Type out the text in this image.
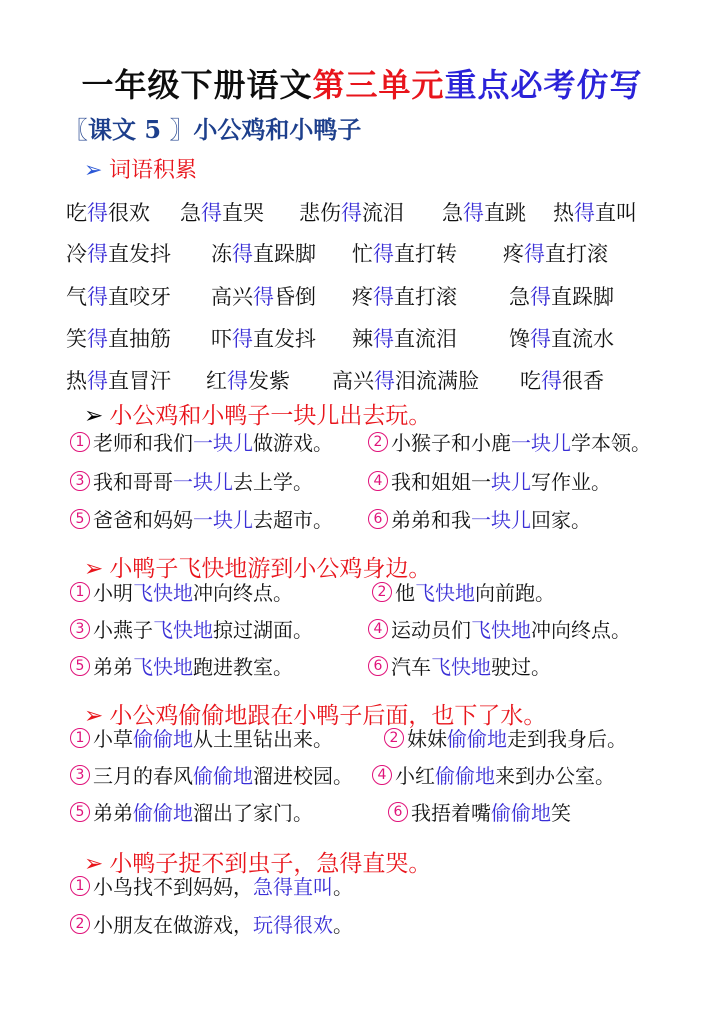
一年级下册语文第三单元重点必考仿写
〖课文 5 〗小公鸡和小鸭子
➢ 词语积累
吃得很欢 急得直哭 悲伤得流泪 急得直跳 热得直叫
冷得直发抖 冻得直跺脚 忙得直打转 疼得直打滚
气得直咬牙 高兴得昏倒 疼得直打滚 急得直跺脚
笑得直抽筋 吓得直发抖 辣得直流泪 馋得直流水
热得直冒汗 红得发紫 高兴得泪流满脸 吃得很香
➢ 小公鸡和小鸭子一块儿出去玩。
1 老师和我们 一块儿 做游戏。	2 小猴子和小鹿 一块儿 学本领。
3 我和哥哥 一块儿 去上学。	4 我和姐姐一 块儿 写作业。
5 爸爸和妈妈 一块儿 去超市。	6 弟弟和我 一块儿 回家。
➢ 小鸭子飞快地游到小公鸡身边。
1 小明 飞快地 冲向终点。	2 他 飞快地 向前跑。
3 小燕子 飞快地 掠过湖面。	4 运动员们 飞快地 冲向终点。
5 弟弟 飞快地 跑进教室。	6 汽车 飞快地 驶过。
➢ 小公鸡偷偷地跟在小鸭子后面，也下了水。
1 小草 偷偷地 从土里钻出来。	2 妹妹 偷偷地 走到我身后。
3 三月的春风 偷偷地 溜进校园。	4 小红 偷偷地 来到办公室。
5 弟弟 偷偷地 溜出了家门。	6 我捂着嘴 偷偷地 笑
➢ 小鸭子捉不到虫子，急得直哭。
1 小鸟找不到妈妈， 急得直叫 。
2 小朋友在做游戏， 玩得很欢 。
